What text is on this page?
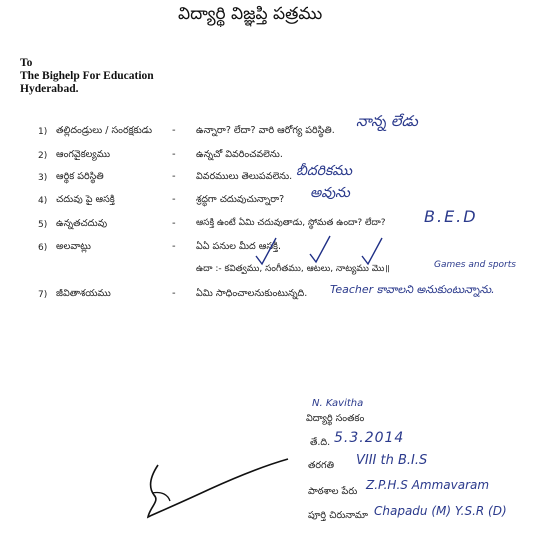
విద్యార్థి విజ్ఞప్తి పత్రము
To
The Bighelp For Education
Hyderabad.
1) తల్లిదండ్రులు / సంరక్షకుడు - ఉన్నారా? లేదా? వారి ఆరోగ్య పరిస్థితి.
నాన్న లేడు
2) ఆంగవైకల్యము	- ఉన్నచో వివరించవలెను.
3) ఆర్థిక పరిస్థితి	- వివరములు తెలుపవలెను. బీదరికము
4) చదువు పై ఆసక్తి	- శ్రద్ధగా చదువుచున్నారా? అవును
5) ఉన్నతచదువు	- ఆసక్తి ఉంటే ఏమి చదువుతాడు, స్థోమత ఉందా? లేదా? B.E.D
6) అలవాట్లు	- ఏఏ పనుల మీద ఆసక్తి.
ఉదా :- కవిత్వము, సంగీతము, ఆటలు, నాట్యము మొ॥	Games and sports
7) జీవితాశయము	- ఏమి సాధించాలనుకుంటున్నది. Teacher కావాలని అనుకుంటున్నాను.
N. Kavitha
విద్యార్థి సంతకం
తే.ది. 5.3.2014
తరగతి VIII th B.I.S
పాఠశాల పేరు Z.P.H.S Ammavaram
పూర్తి చిరునామా Chapadu (M) Y.S.R (D)
